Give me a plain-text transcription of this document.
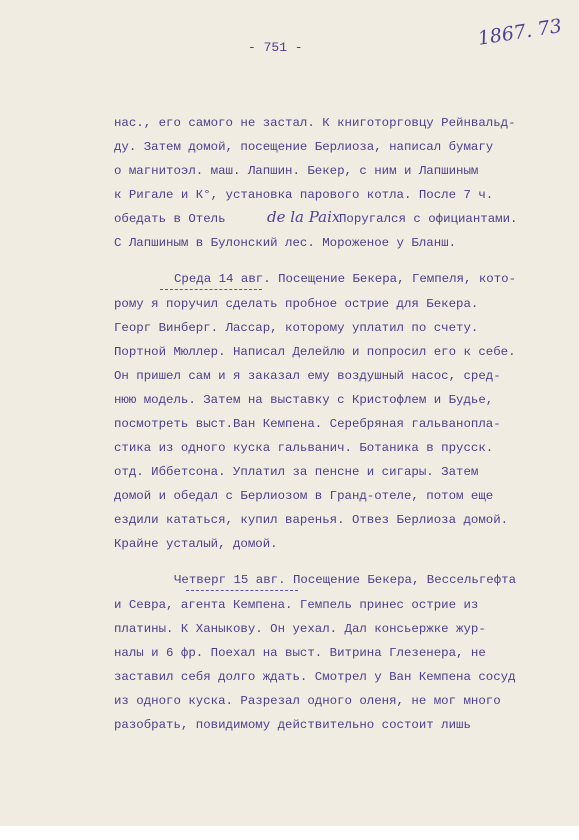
- 751 -	1867. 73
нас., его самого не застал. К книготорговцу Рейнвальд-
ду. Затем домой, посещение Берлиоза, написал бумагу
о магнитоэл. маш. Лапшин. Бекер, с ним и Лапшиным
к Ригале и К°, установка парового котла. После 7 ч.
обедать в Отель	de la Paix
Поругался с официантами.
С Лапшиным в Булонский лес. Мороженое у Бланш.
Среда 14 авг. Посещение Бекера, Гемпеля, кото-
рому я поручил сделать пробное острие для Бекера.
Георг Винберг. Лассар, которому уплатил по счету.
Портной Мюллер. Написал Делейлю и попросил его к себе.
Он пришел сам и я заказал ему воздушный насос, сред-
нюю модель. Затем на выставку с Кристофлем и Будье,
посмотреть выст.Ван Кемпена. Серебряная гальванопла-
стика из одного куска гальванич. Ботаника в прусск.
отд. Иббетсона. Уплатил за пенсне и сигары. Затем
домой и обедал с Берлиозом в Гранд-отеле, потом еще
ездили кататься, купил варенья. Отвез Берлиоза домой.
Крайне усталый, домой.
Четверг 15 авг. Посещение Бекера, Вессельгефта
и Севра, агента Кемпена. Гемпель принес острие из
платины. К Ханыкову. Он уехал. Дал консьержке жур-
налы и 6 фр. Поехал на выст. Витрина Глезенера, не
заставил себя долго ждать. Смотрел у Ван Кемпена сосуд
из одного куска. Разрезал одного оленя, не мог много
разобрать, повидимому действительно состоит лишь
